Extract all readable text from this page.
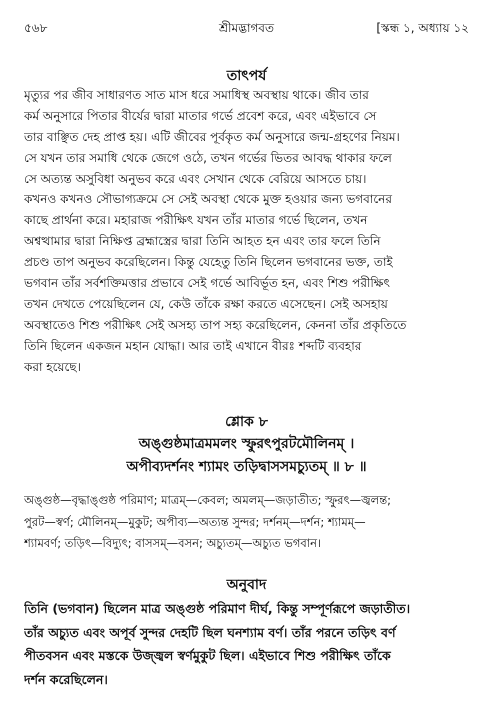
৫৬৮	শ্রীমদ্ভাগবত	[স্কন্ধ ১, অধ্যায় ১২
তাৎপর্য
মৃত্যুর পর জীব সাধারণত সাত মাস ধরে সমাধিস্থ অবস্থায় থাকে। জীব তার
কর্ম অনুসারে পিতার বীর্যের দ্বারা মাতার গর্ভে প্রবেশ করে, এবং এইভাবে সে
তার বাঞ্ছিত দেহ প্রাপ্ত হয়। এটি জীবের পূর্বকৃত কর্ম অনুসারে জন্ম-গ্রহণের নিয়ম।
সে যখন তার সমাধি থেকে জেগে ওঠে, তখন গর্ভের ভিতর আবদ্ধ থাকার ফলে
সে অত্যন্ত অসুবিধা অনুভব করে এবং সেখান থেকে বেরিয়ে আসতে চায়।
কখনও কখনও সৌভাগ্যক্রমে সে সেই অবস্থা থেকে মুক্ত হওয়ার জন্য ভগবানের
কাছে প্রার্থনা করে। মহারাজ পরীক্ষিৎ যখন তাঁর মাতার গর্ভে ছিলেন, তখন
অশ্বত্থামার দ্বারা নিক্ষিপ্ত ব্রহ্মাস্ত্রের দ্বারা তিনি আহত হন এবং তার ফলে তিনি
প্রচণ্ড তাপ অনুভব করেছিলেন। কিন্তু যেহেতু তিনি ছিলেন ভগবানের ভক্ত, তাই
ভগবান তাঁর সর্বশক্তিমত্তার প্রভাবে সেই গর্ভে আবির্ভূত হন, এবং শিশু পরীক্ষিৎ
তখন দেখতে পেয়েছিলেন যে, কেউ তাঁকে রক্ষা করতে এসেছেন। সেই অসহায়
অবস্থাতেও শিশু পরীক্ষিৎ সেই অসহ্য তাপ সহ্য করেছিলেন, কেননা তাঁর প্রকৃতিতে
তিনি ছিলেন একজন মহান যোদ্ধা। আর তাই এখানে বীরঃ শব্দটি ব্যবহার
করা হয়েছে।
শ্লোক ৮
অঙ্গুষ্ঠমাত্রমমলং স্ফুরৎপুরটমৌলিনম্ ।
অপীব্যদর্শনং শ্যামং তড়িদ্বাসসমচ্যুতম্ ॥ ৮ ॥
অঙ্গুষ্ঠ—বৃদ্ধাঙ্গুষ্ঠ পরিমাণ; মাত্রম্—কেবল; অমলম্—জড়াতীত; স্ফুরৎ—জ্বলন্ত;
পুরট—স্বর্ণ; মৌলিনম্—মুকুট; অপীব্য—অত্যন্ত সুন্দর; দর্শনম্—দর্শন; শ্যামম্—
শ্যামবর্ণ; তড়িৎ—বিদ্যুৎ; বাসসম্—বসন; অচ্যুতম্—অচ্যুত ভগবান।
অনুবাদ
তিনি (ভগবান) ছিলেন মাত্র অঙ্গুষ্ঠ পরিমাণ দীর্ঘ, কিন্তু সম্পূর্ণরূপে জড়াতীত।
তাঁর অচ্যুত এবং অপূর্ব সুন্দর দেহটি ছিল ঘনশ্যাম বর্ণ। তাঁর পরনে তড়িৎ বর্ণ
পীতবসন এবং মস্তকে উজ্জ্বল স্বর্ণমুকুট ছিল। এইভাবে শিশু পরীক্ষিৎ তাঁকে
দর্শন করেছিলেন।
